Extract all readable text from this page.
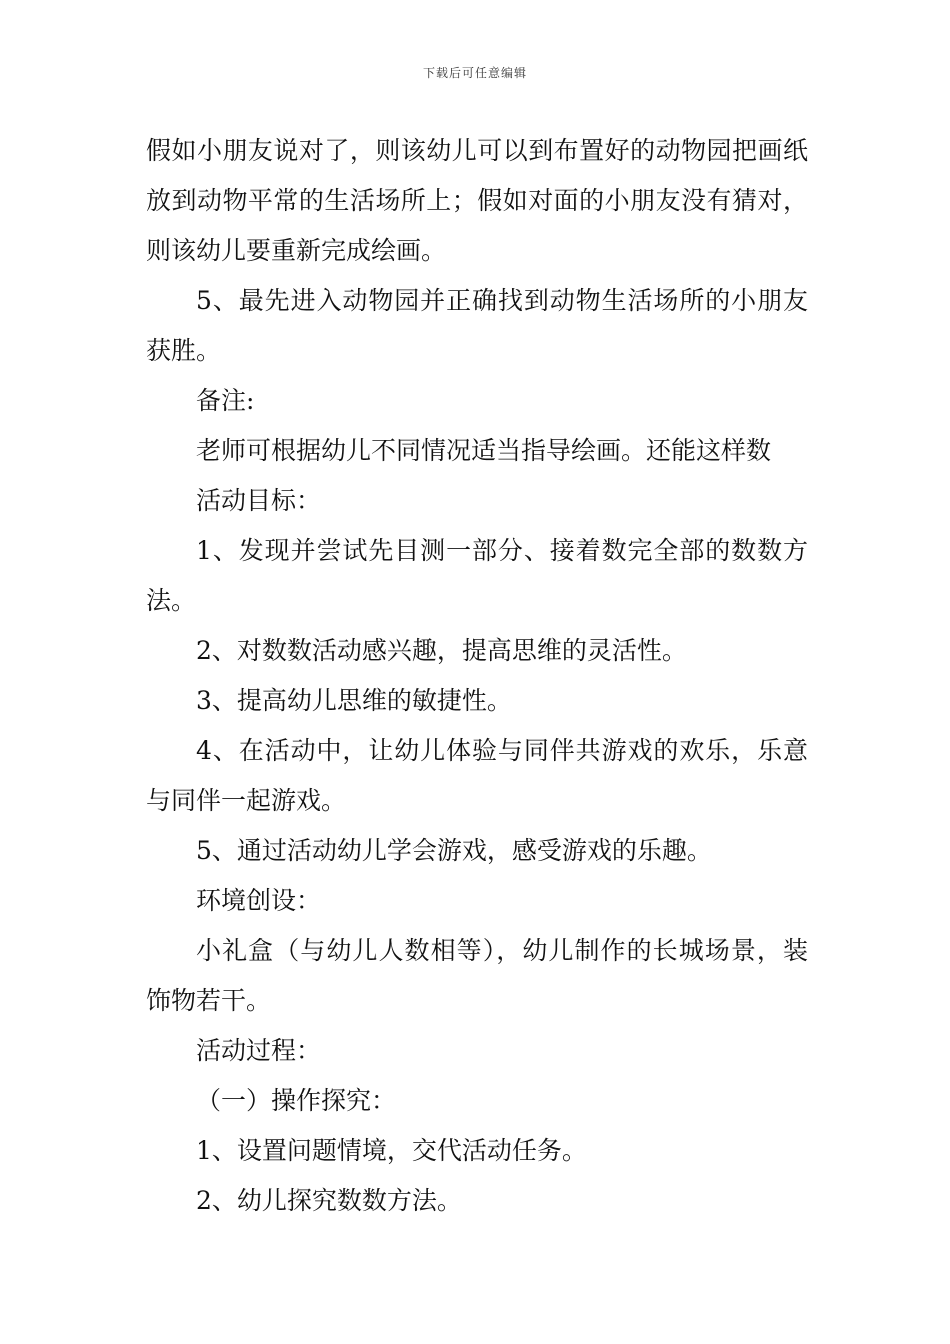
下载后可任意编辑

假如小朋友说对了，则该幼儿可以到布置好的动物园把画纸放到动物平常的生活场所上；假如对面的小朋友没有猜对，则该幼儿要重新完成绘画。

5、最先进入动物园并正确找到动物生活场所的小朋友获胜。

备注:

老师可根据幼儿不同情况适当指导绘画。还能这样数

活动目标：

1、发现并尝试先目测一部分、接着数完全部的数数方法。

2、对数数活动感兴趣，提高思维的灵活性。

3、提高幼儿思维的敏捷性。

4、在活动中，让幼儿体验与同伴共游戏的欢乐，乐意与同伴一起游戏。

5、通过活动幼儿学会游戏，感受游戏的乐趣。

环境创设：

小礼盒（与幼儿人数相等），幼儿制作的长城场景，装饰物若干。

活动过程：

（一）操作探究：

1、设置问题情境，交代活动任务。

2、幼儿探究数数方法。
